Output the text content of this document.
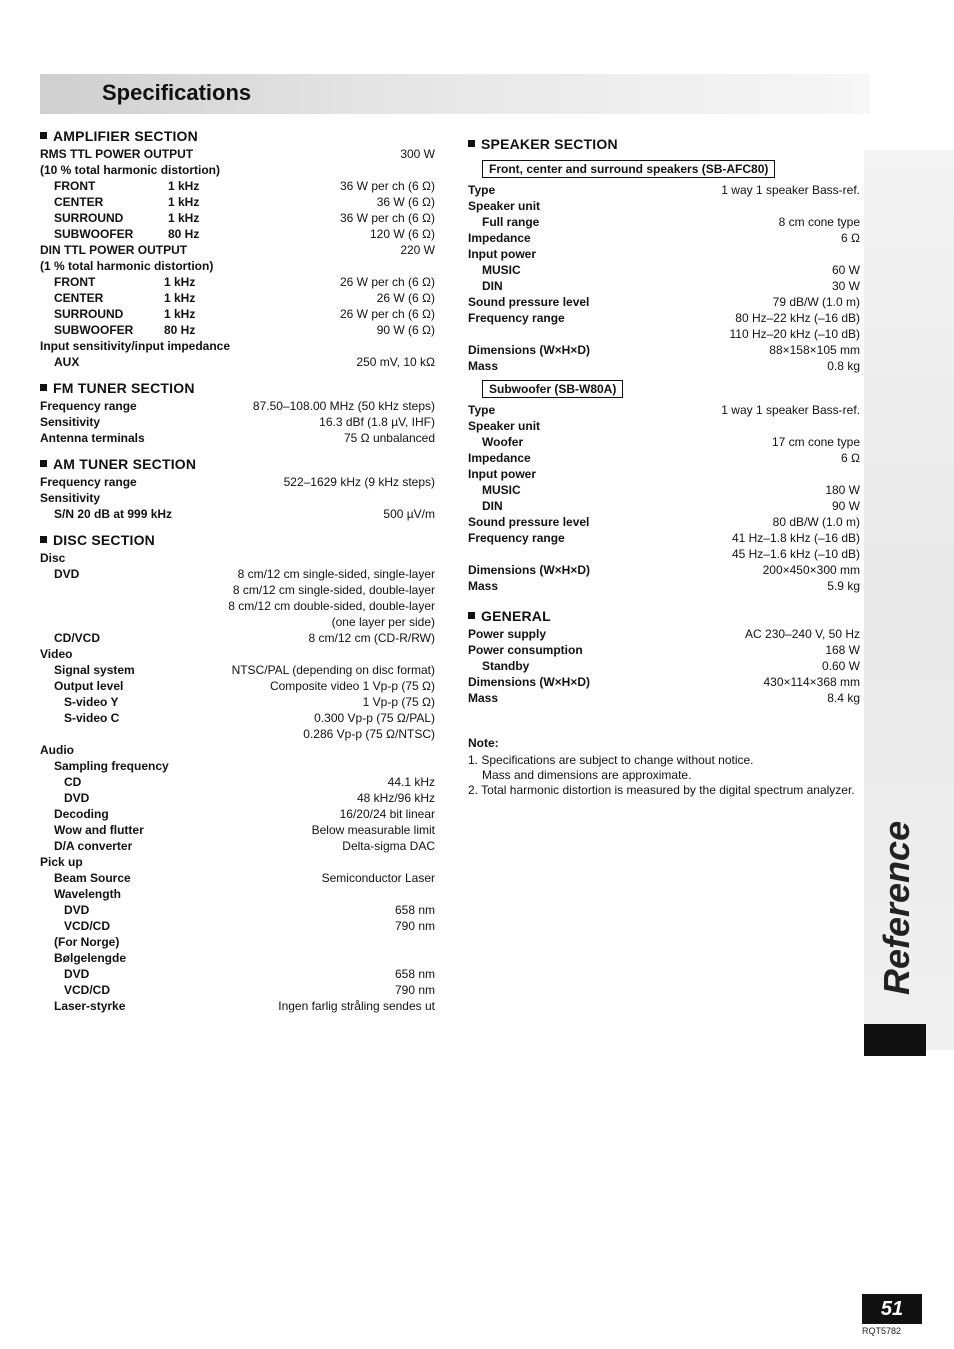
Specifications
Reference
51
RQT5782
AMPLIFIER SECTION
RMS TTL POWER OUTPUT	300 W
(10 % total harmonic distortion)
FRONT	1 kHz	36 W per ch (6 Ω)
CENTER	1 kHz	36 W (6 Ω)
SURROUND	1 kHz	36 W per ch (6 Ω)
SUBWOOFER	80 Hz	120 W (6 Ω)
DIN TTL POWER OUTPUT	220 W
(1 % total harmonic distortion)
FRONT	1 kHz	26 W per ch (6 Ω)
CENTER	1 kHz	26 W (6 Ω)
SURROUND	1 kHz	26 W per ch (6 Ω)
SUBWOOFER	80 Hz	90 W (6 Ω)
Input sensitivity/input impedance
AUX	250 mV, 10 kΩ
FM TUNER SECTION
Frequency range	87.50–108.00 MHz (50 kHz steps)
Sensitivity	16.3 dBf (1.8 µV, IHF)
Antenna terminals	75 Ω unbalanced
AM TUNER SECTION
Frequency range	522–1629 kHz (9 kHz steps)
Sensitivity
S/N 20 dB at 999 kHz	500 µV/m
DISC SECTION
Disc
DVD	8 cm/12 cm single-sided, single-layer
8 cm/12 cm single-sided, double-layer
8 cm/12 cm double-sided, double-layer
(one layer per side)
CD/VCD	8 cm/12 cm (CD-R/RW)
Video
Signal system	NTSC/PAL (depending on disc format)
Output level	Composite video 1 Vp-p (75 Ω)
S-video Y	1 Vp-p (75 Ω)
S-video C	0.300 Vp-p (75 Ω/PAL)
0.286 Vp-p (75 Ω/NTSC)
Audio
Sampling frequency
CD	44.1 kHz
DVD	48 kHz/96 kHz
Decoding	16/20/24 bit linear
Wow and flutter	Below measurable limit
D/A converter	Delta-sigma DAC
Pick up
Beam Source	Semiconductor Laser
Wavelength
DVD	658 nm
VCD/CD	790 nm
(For Norge)
Bølgelengde
DVD	658 nm
VCD/CD	790 nm
Laser-styrke	Ingen farlig stråling sendes ut
SPEAKER SECTION
Front, center and surround speakers (SB-AFC80)
Type	1 way 1 speaker Bass-ref.
Speaker unit
Full range	8 cm cone type
Impedance	6 Ω
Input power
MUSIC	60 W
DIN	30 W
Sound pressure level	79 dB/W (1.0 m)
Frequency range	80 Hz–22 kHz (–16 dB)
110 Hz–20 kHz (–10 dB)
Dimensions (W×H×D)	88×158×105 mm
Mass	0.8 kg
Subwoofer (SB-W80A)
Type	1 way 1 speaker Bass-ref.
Speaker unit
Woofer	17 cm cone type
Impedance	6 Ω
Input power
MUSIC	180 W
DIN	90 W
Sound pressure level	80 dB/W (1.0 m)
Frequency range	41 Hz–1.8 kHz (–16 dB)
45 Hz–1.6 kHz (–10 dB)
Dimensions (W×H×D)	200×450×300 mm
Mass	5.9 kg
GENERAL
Power supply	AC 230–240 V, 50 Hz
Power consumption	168 W
Standby	0.60 W
Dimensions (W×H×D)	430×114×368 mm
Mass	8.4 kg
Note:
1. Specifications are subject to change without notice.
Mass and dimensions are approximate.
2. Total harmonic distortion is measured by the digital spectrum analyzer.
